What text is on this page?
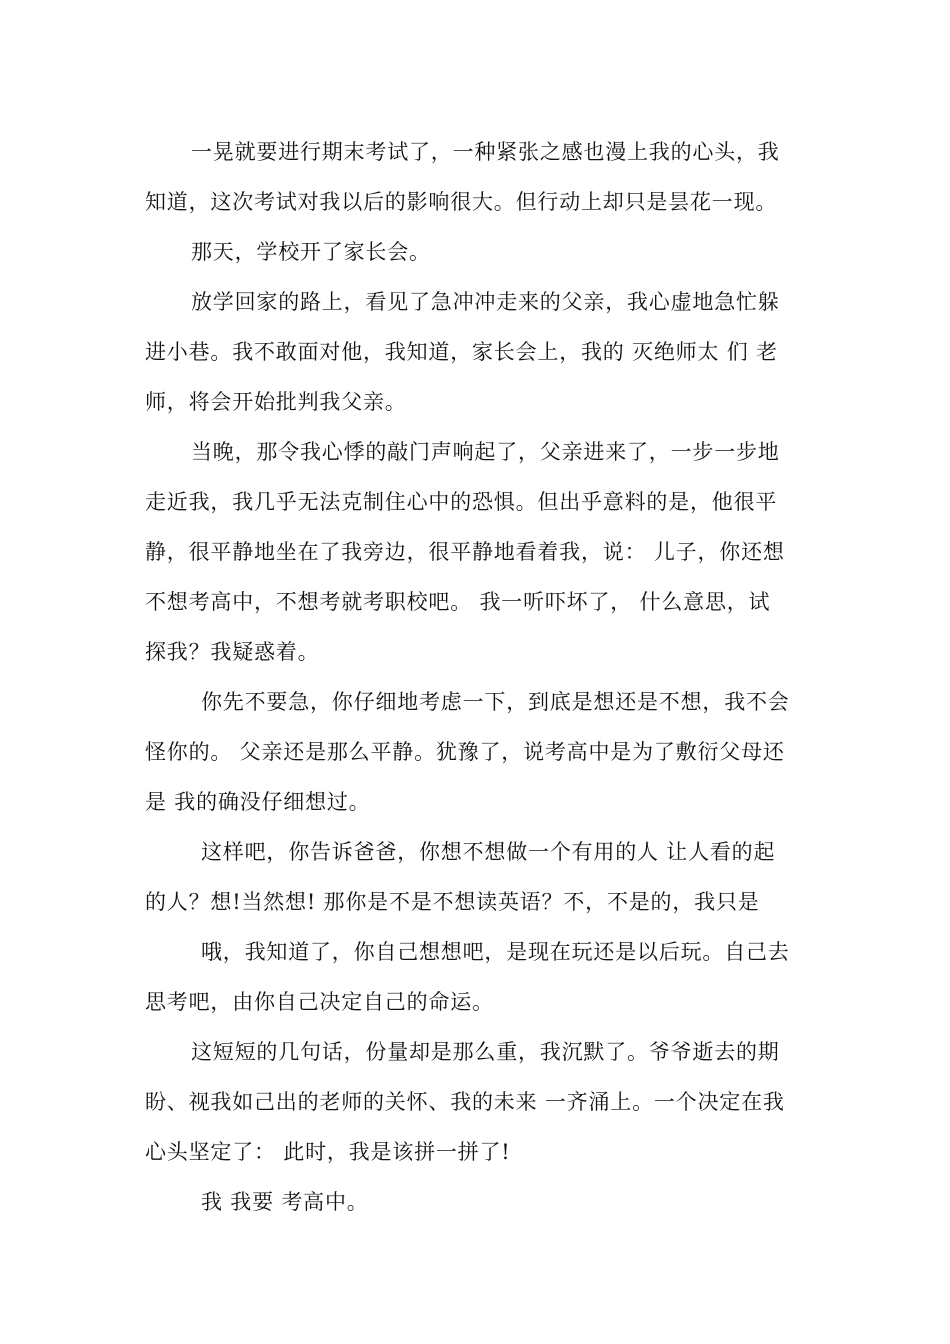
一晃就要进行期末考试了，一种紧张之感也漫上我的心头，我
知道，这次考试对我以后的影响很大。但行动上却只是昙花一现。
那天，学校开了家长会。
放学回家的路上，看见了急冲冲走来的父亲，我心虚地急忙躲
进小巷。我不敢面对他，我知道，家长会上，我的 灭绝师太 们 老
师，将会开始批判我父亲。
当晚，那令我心悸的敲门声响起了，父亲进来了，一步一步地
走近我，我几乎无法克制住心中的恐惧。但出乎意料的是，他很平
静，很平静地坐在了我旁边，很平静地看着我，说： 儿子，你还想
不想考高中，不想考就考职校吧。 我一听吓坏了， 什么意思，试
探我？我疑惑着。
你先不要急，你仔细地考虑一下，到底是想还是不想，我不会
怪你的。 父亲还是那么平静。犹豫了，说考高中是为了敷衍父母还
是 我的确没仔细想过。
这样吧，你告诉爸爸，你想不想做一个有用的人 让人看的起
的人？想!当然想! 那你是不是不想读英语？不，不是的，我只是
哦，我知道了，你自己想想吧，是现在玩还是以后玩。自己去
思考吧，由你自己决定自己的命运。
这短短的几句话，份量却是那么重，我沉默了。爷爷逝去的期
盼、视我如己出的老师的关怀、我的未来 一齐涌上。一个决定在我
心头坚定了： 此时，我是该拼一拼了!
我 我要 考高中。
